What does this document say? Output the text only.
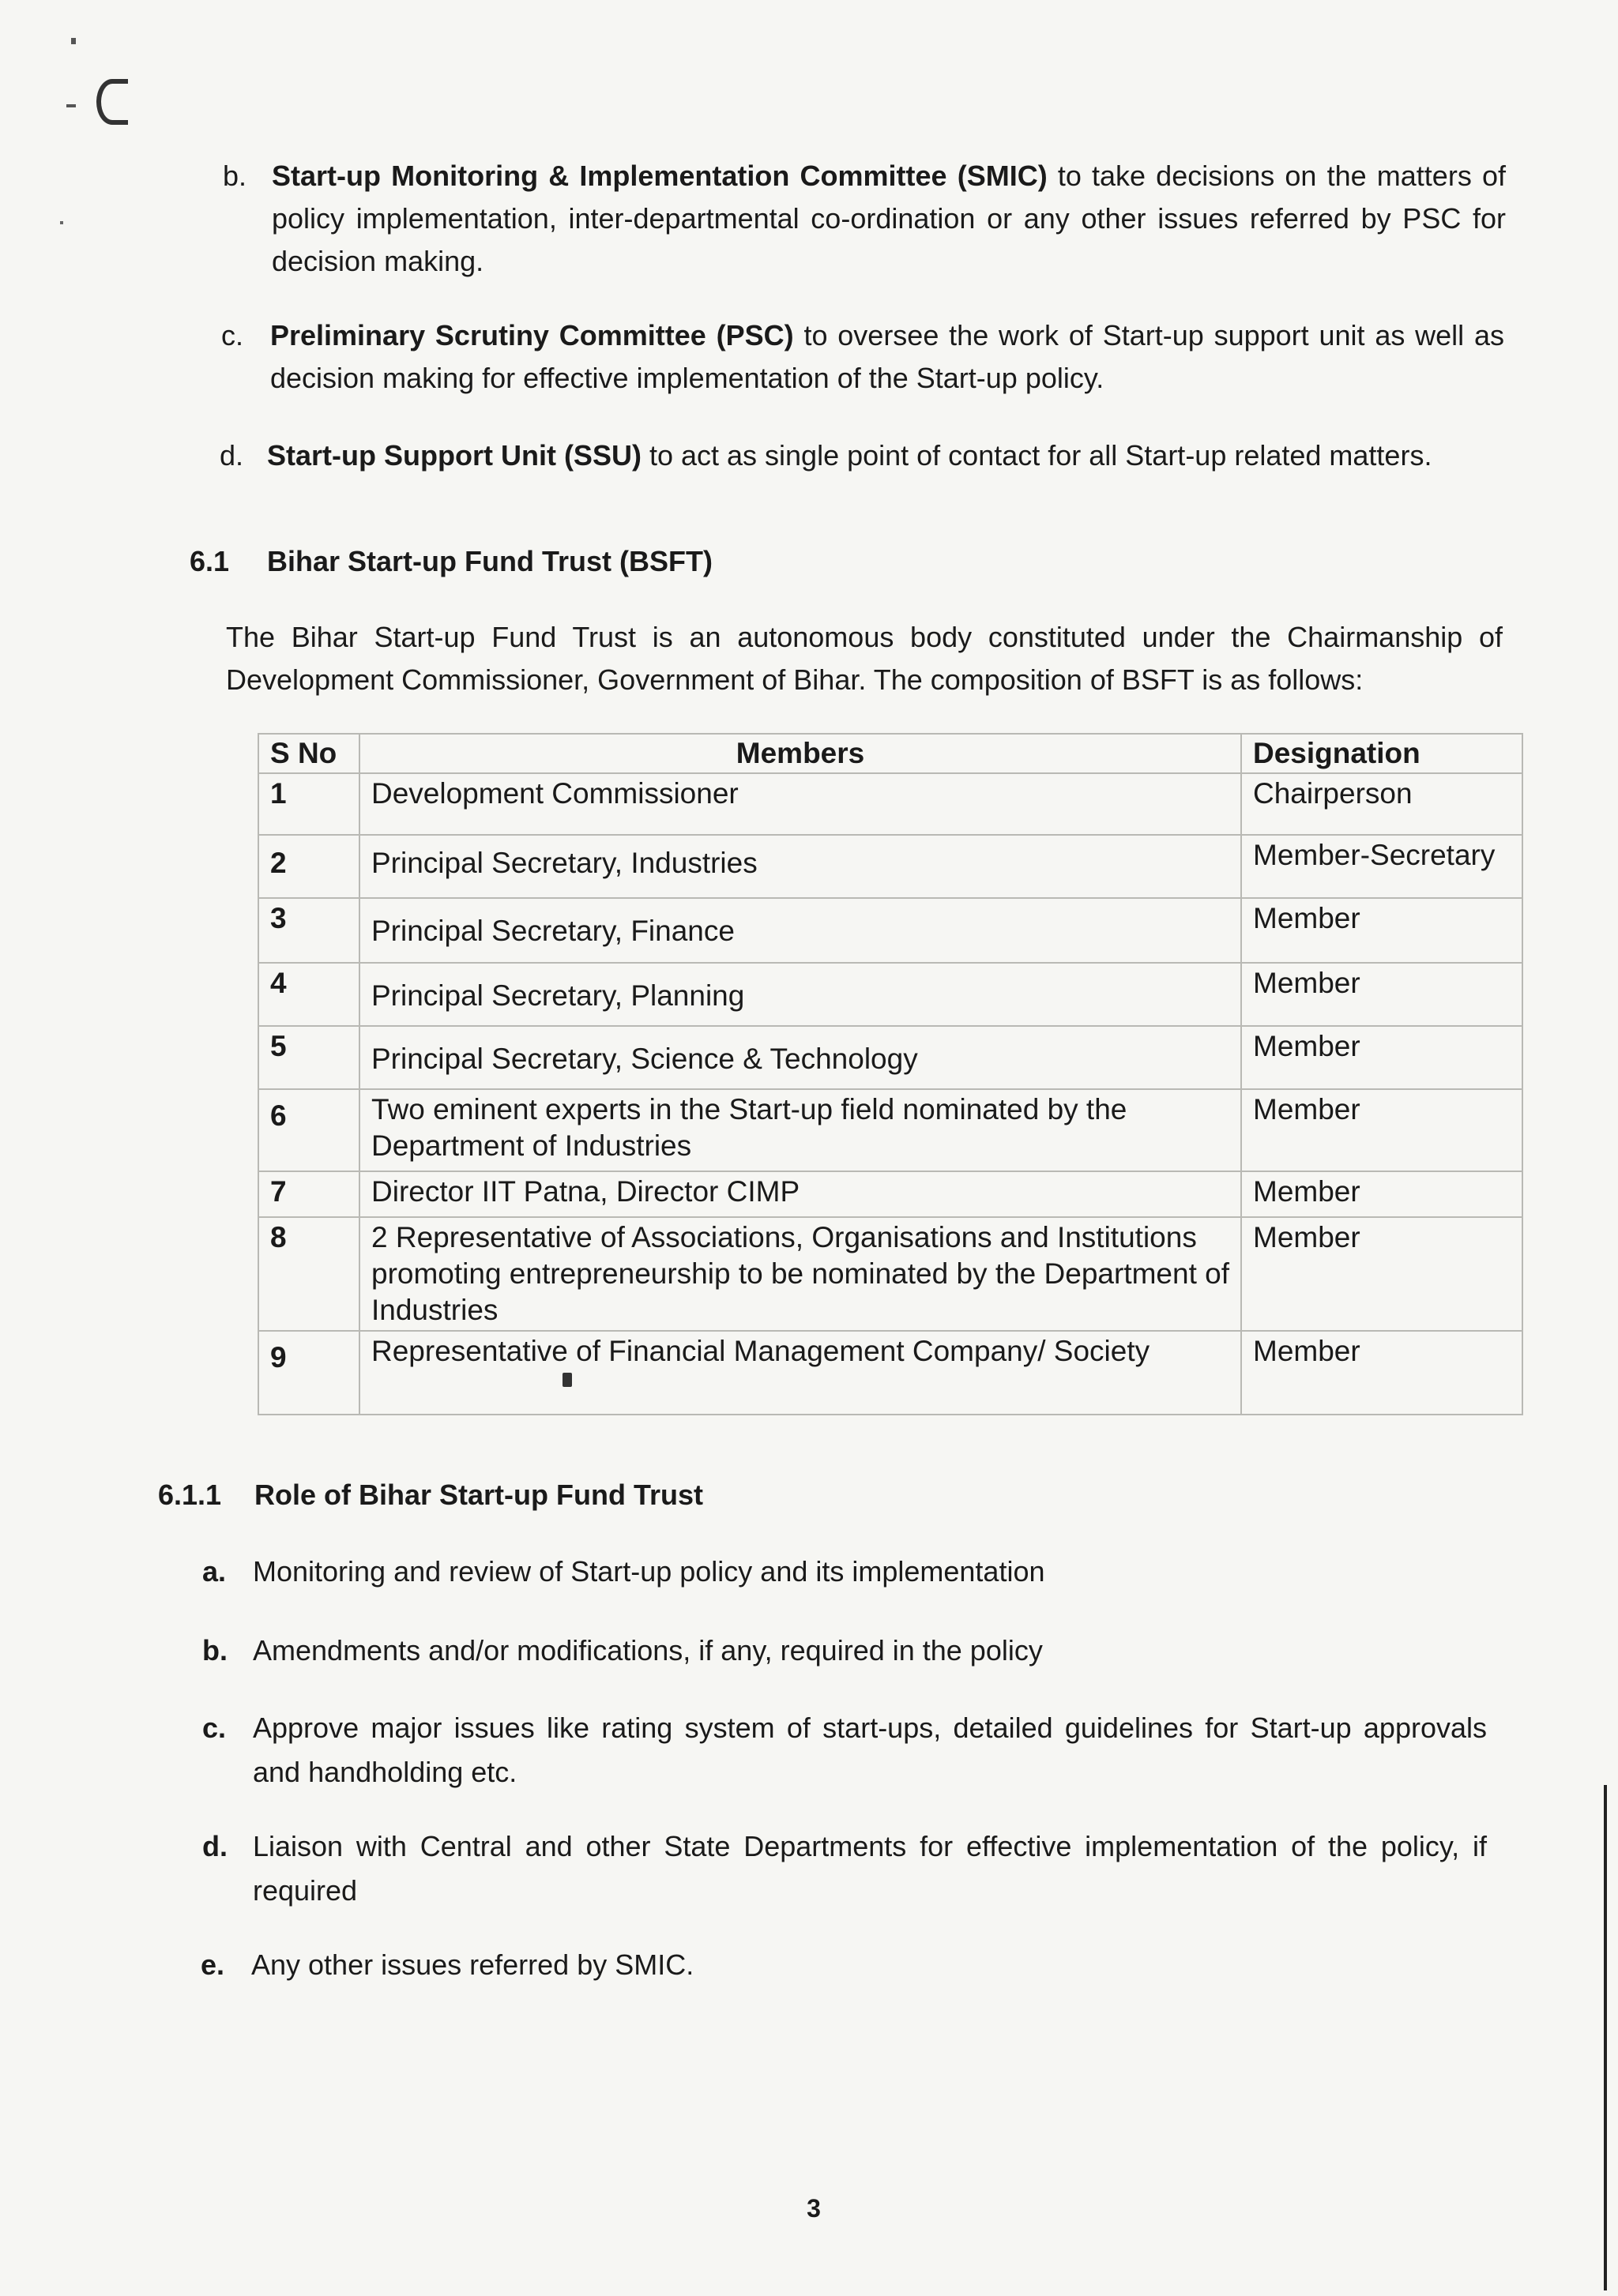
b. Start-up Monitoring & Implementation Committee (SMIC) to take decisions on the matters of policy implementation, inter-departmental co-ordination or any other issues referred by PSC for decision making.
c. Preliminary Scrutiny Committee (PSC) to oversee the work of Start-up support unit as well as decision making for effective implementation of the Start-up policy.
d. Start-up Support Unit (SSU) to act as single point of contact for all Start-up related matters.
6.1 Bihar Start-up Fund Trust (BSFT)
The Bihar Start-up Fund Trust is an autonomous body constituted under the Chairmanship of Development Commissioner, Government of Bihar. The composition of BSFT is as follows:
S No	Members	Designation
1	Development Commissioner	Chairperson
2	Principal Secretary, Industries	Member-Secretary
3	Principal Secretary, Finance	Member
4	Principal Secretary, Planning	Member
5	Principal Secretary, Science & Technology	Member
6	Two eminent experts in the Start-up field nominated by the Department of Industries	Member
7	Director IIT Patna, Director CIMP	Member
8	2 Representative of Associations, Organisations and Institutions promoting entrepreneurship to be nominated by the Department of Industries	Member
9	Representative of Financial Management Company/ Society	Member
6.1.1 Role of Bihar Start-up Fund Trust
a. Monitoring and review of Start-up policy and its implementation
b. Amendments and/or modifications, if any, required in the policy
c. Approve major issues like rating system of start-ups, detailed guidelines for Start-up approvals and handholding etc.
d. Liaison with Central and other State Departments for effective implementation of the policy, if required
e. Any other issues referred by SMIC.
3
